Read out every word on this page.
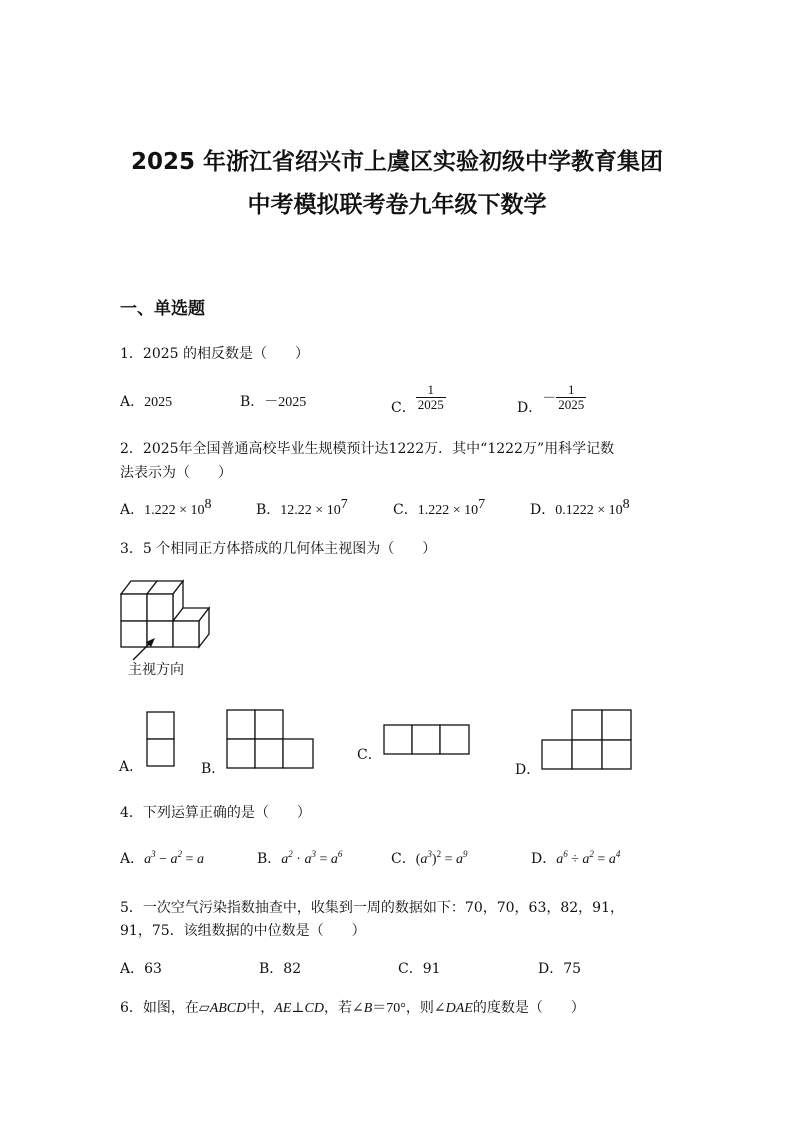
2025 年浙江省绍兴市上虞区实验初级中学教育集团
中考模拟联考卷九年级下数学
一、单选题
1．2025 的相反数是（　　）
A．2025	B．－2025	C． $\frac{1}{2025}$	D．－ $\frac{1}{2025}$
2．2025年全国普通高校毕业生规模预计达1222万．其中“1222万”用科学记数
法表示为（　　）
A．$1.222 \times 10^8$	B．$12.22 \times 10^7$	C．$1.222 \times 10^7$	D．$0.1222 \times 10^8$
3．5 个相同正方体搭成的几何体主视图为（　　）
主视方向
A．	B．
C．
D．
4．下列运算正确的是（　　）
A．$a^3 - a^2 = a$	B．$a^2 \cdot a^3 = a^6$	C．$(a^3)^2 = a^9$	D．$a^6 \div a^2 = a^4$
5．一次空气污染指数抽查中，收集到一周的数据如下：70，70，63，82，91，
91，75．该组数据的中位数是（　　）
A．63	B．82	C．91	D．75
6．如图，在▱ABCD中，AE⊥CD，若∠B＝70°，则∠DAE的度数是（　　）
